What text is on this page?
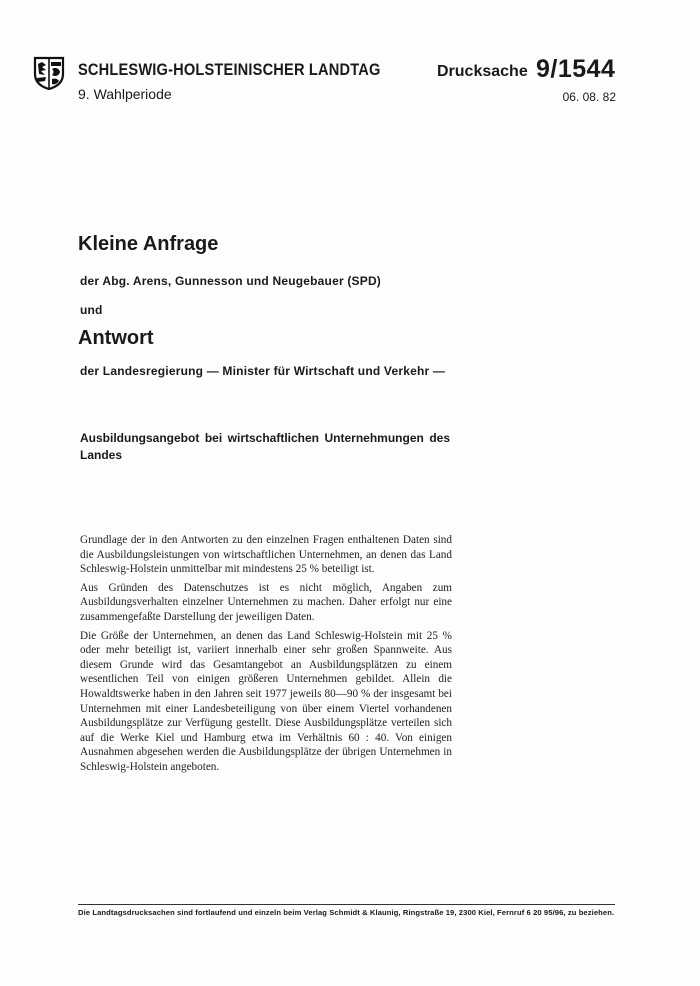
SCHLESWIG-HOLSTEINISCHER LANDTAG
9. Wahlperiode
Drucksache 9/1544
06. 08. 82
Kleine Anfrage
der Abg. Arens, Gunnesson und Neugebauer (SPD)
und
Antwort
der Landesregierung — Minister für Wirtschaft und Verkehr —
Ausbildungsangebot bei wirtschaftlichen Unternehmungen des Landes

Grundlage der in den Antworten zu den einzelnen Fragen enthaltenen Daten sind die Ausbildungsleistungen von wirtschaftlichen Unternehmen, an denen das Land Schleswig-Holstein unmittelbar mit mindestens 25 % beteiligt ist.

Aus Gründen des Datenschutzes ist es nicht möglich, Angaben zum Ausbildungsverhalten einzelner Unternehmen zu machen. Daher erfolgt nur eine zusammengefaßte Darstellung der jeweiligen Daten.

Die Größe der Unternehmen, an denen das Land Schleswig-Holstein mit 25 % oder mehr beteiligt ist, variiert innerhalb einer sehr großen Spannweite. Aus diesem Grunde wird das Gesamtangebot an Ausbildungsplätzen zu einem wesentlichen Teil von einigen größeren Unternehmen gebildet. Allein die Howaldtswerke haben in den Jahren seit 1977 jeweils 80—90 % der insgesamt bei Unternehmen mit einer Landesbeteiligung von über einem Viertel vorhandenen Ausbildungsplätze zur Verfügung gestellt. Diese Ausbildungsplätze verteilen sich auf die Werke Kiel und Hamburg etwa im Verhältnis 60 : 40. Von einigen Ausnahmen abgesehen werden die Ausbildungsplätze der übrigen Unternehmen in Schleswig-Holstein angeboten.

Die Landtagsdrucksachen sind fortlaufend und einzeln beim Verlag Schmidt & Klaunig, Ringstraße 19, 2300 Kiel, Fernruf 6 20 95/96, zu beziehen.
